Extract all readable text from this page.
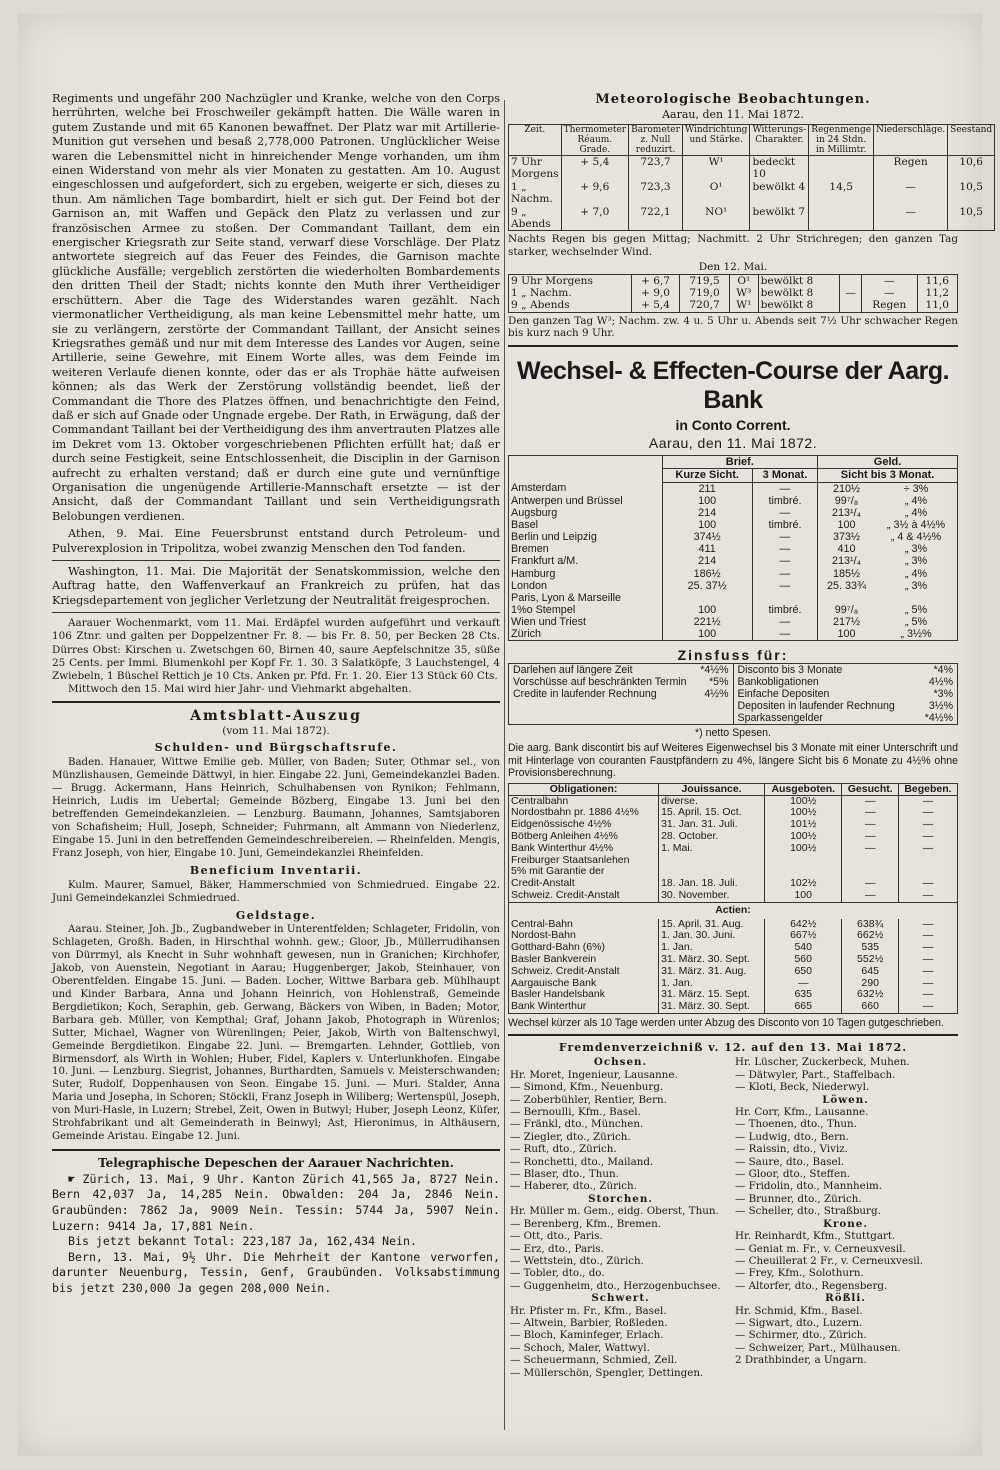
Regiments und ungefähr 200 Nachzügler und Kranke, welche von den Corps herrührten, welche bei Froschweiler gekämpft hatten. Die Wälle waren in gutem Zustande und mit 65 Kanonen bewaffnet. Der Platz war mit Artillerie-Munition gut versehen und besaß 2,778,000 Patronen. Unglücklicher Weise waren die Lebensmittel nicht in hinreichender Menge vorhanden, um ihm einen Widerstand von mehr als vier Monaten zu gestatten. Am 10. August eingeschlossen und aufgefordert, sich zu ergeben, weigerte er sich, dieses zu thun. Am nämlichen Tage bombardirt, hielt er sich gut. Der Feind bot der Garnison an, mit Waffen und Gepäck den Platz zu verlassen und zur französischen Armee zu stoßen. Der Commandant Taillant, dem ein energischer Kriegsrath zur Seite stand, verwarf diese Vorschläge. Der Platz antwortete siegreich auf das Feuer des Feindes, die Garnison machte glückliche Ausfälle; vergeblich zerstörten die wiederholten Bombardements den dritten Theil der Stadt; nichts konnte den Muth ihrer Vertheidiger erschüttern. Aber die Tage des Widerstandes waren gezählt. Nach viermonatlicher Vertheidigung, als man keine Lebensmittel mehr hatte, um sie zu verlängern, zerstörte der Commandant Taillant, der Ansicht seines Kriegsrathes gemäß und nur mit dem Interesse des Landes vor Augen, seine Artillerie, seine Gewehre, mit Einem Worte alles, was dem Feinde im weiteren Verlaufe dienen konnte, oder das er als Trophäe hätte aufweisen können; als das Werk der Zerstörung vollständig beendet, ließ der Commandant die Thore des Platzes öffnen, und benachrichtigte den Feind, daß er sich auf Gnade oder Ungnade ergebe. Der Rath, in Erwägung, daß der Commandant Taillant bei der Vertheidigung des ihm anvertrauten Platzes alle im Dekret vom 13. Oktober vorgeschriebenen Pflichten erfüllt hat; daß er durch seine Festigkeit, seine Entschlossenheit, die Disciplin in der Garnison aufrecht zu erhalten verstand; daß er durch eine gute und vernünftige Organisation die ungenügende Artillerie-Mannschaft ersetzte — ist der Ansicht, daß der Commandant Taillant und sein Vertheidigungsrath Belobungen verdienen.

Athen, 9. Mai. Eine Feuersbrunst entstand durch Petroleum- und Pulverexplosion in Tripolitza, wobei zwanzig Menschen den Tod fanden.

Washington, 11. Mai. Die Majorität der Senatskommission, welche den Auftrag hatte, den Waffenverkauf an Frankreich zu prüfen, hat das Kriegsdepartement von jeglicher Verletzung der Neutralität freigesprochen.

Aarauer Wochenmarkt, vom 11. Mai. Erdäpfel wurden aufgeführt und verkauft 106 Ztnr. und galten per Doppelzentner Fr. 8. — bis Fr. 8. 50, per Becken 28 Cts. Dürres Obst: Kirschen u. Zwetschgen 60, Birnen 40, saure Aepfelschnitze 35, süße 25 Cents. per Immi. Blumenkohl per Kopf Fr. 1. 30. 3 Salatköpfe, 3 Lauchstengel, 4 Zwiebeln, 1 Büschel Rettich je 10 Cts. Anken pr. Pfd. Fr. 1. 20. Eier 13 Stück 60 Cts.

Mittwoch den 15. Mai wird hier Jahr- und Viehmarkt abgehalten.

Amtsblatt-Auszug
(vom 11. Mai 1872).
Schulden- und Bürgschaftsrufe.

Baden. Hanauer, Wittwe Emilie geb. Müller, von Baden; Suter, Othmar sel., von Münzlishausen, Gemeinde Dättwyl, in hier. Eingabe 22. Juni, Gemeindekanzlei Baden. — Brugg. Ackermann, Hans Heinrich, Schulhabensen von Rynikon; Fehlmann, Heinrich, Ludis im Uebertal; Gemeinde Bözberg, Eingabe 13. Juni bei den betreffenden Gemeindekanzleien. — Lenzburg. Baumann, Johannes, Samtsjaboren von Schafisheim; Hull, Joseph, Schneider; Fuhrmann, alt Ammann von Niederlenz, Eingabe 15. Juni in den betreffenden Gemeindeschreibereien. — Rheinfelden. Mengis, Franz Joseph, von hier, Eingabe 10. Juni, Gemeindekanzlei Rheinfelden.

Beneficium Inventarii.

Kulm. Maurer, Samuel, Bäker, Hammerschmied von Schmiedrued. Eingabe 22. Juni Gemeindekanzlei Schmiedrued.

Geldstage.

Aarau. Steiner, Joh. Jb., Zugbandweber in Unterentfelden; Schlageter, Fridolin, von Schlageten, Großh. Baden, in Hirschthal wohnh. gew.; Gloor, Jb., Müllerrudihansen von Dürrmyl, als Knecht in Suhr wohnhaft gewesen, nun in Granichen; Kirchhofer, Jakob, von Auenstein, Negotiant in Aarau; Huggenberger, Jakob, Steinhauer, von Oberentfelden. Eingabe 15. Juni. — Baden. Locher, Wittwe Barbara geb. Mühlhaupt und Kinder Barbara, Anna und Johann Heinrich, von Hohlenstraß, Gemeinde Bergdietikon; Koch, Seraphin, geb. Gerwang, Bäckers von Wiben, in Baden; Motor, Barbara geb. Müller, von Kempthal; Graf, Johann Jakob, Photograph in Würenlos; Sutter, Michael, Wagner von Würenlingen; Peier, Jakob, Wirth von Baltenschwyl, Gemeinde Bergdietikon. Eingabe 22. Juni. — Bremgarten. Lehnder, Gottlieb, von Birmensdorf, als Wirth in Wohlen; Huber, Fidel, Kaplers v. Unterlunkhofen. Eingabe 10. Juni. — Lenzburg. Siegrist, Johannes, Burthardten, Samuels v. Meisterschwanden; Suter, Rudolf, Doppenhausen von Seon. Eingabe 15. Juni. — Muri. Stalder, Anna Maria und Josepha, in Schoren; Stöckli, Franz Joseph in Wiliberg; Wertenspül, Joseph, von Muri-Hasle, in Luzern; Strebel, Zeit, Owen in Butwyl; Huber, Joseph Leonz, Küfer, Strohfabrikant und alt Gemeinderath in Beinwyl; Ast, Hieronimus, in Althäusern, Gemeinde Aristau. Eingabe 12. Juni.

Telegraphische Depeschen der Aarauer Nachrichten.

☛ Zürich, 13. Mai, 9 Uhr. Kanton Zürich 41,565 Ja, 8727 Nein. Bern 42,037 Ja, 14,285 Nein. Obwalden: 204 Ja, 2846 Nein. Graubünden: 7862 Ja, 9009 Nein. Tessin: 5744 Ja, 5907 Nein. Luzern: 9414 Ja, 17,881 Nein.

Bis jetzt bekannt Total: 223,187 Ja, 162,434 Nein.

Bern, 13. Mai, 9½ Uhr. Die Mehrheit der Kantone verworfen, darunter Neuenburg, Tessin, Genf, Graubünden. Volksabstimmung bis jetzt 230,000 Ja gegen 208,000 Nein.

Meteorologische Beobachtungen.
Aarau, den 11. Mai 1872.
Zeit.	Thermometer Réaum. Grade.	Barometer z. Null reduzirt.	Windrichtung und Stärke.	Witterungs-Charakter.	Regenmenge in 24 Stdn. in Millimtr.	Niederschläge.	Seestand
7 Uhr Morgens	+ 5,4	723,7	W¹	bedeckt 10		Regen	10,6
1 „ Nachm.	+ 9,6	723,3	O¹	bewölkt 4	14,5	—	10,5
9 „ Abends	+ 7,0	722,1	NO¹	bewölkt 7		—	10,5

Nachts Regen bis gegen Mittag; Nachmitt. 2 Uhr Strichregen; den ganzen Tag starker, wechselnder Wind.

Den 12. Mai.
9 Uhr Morgens	+ 6,7	719,5	O¹	bewölkt 8		—	11,6
1 „ Nachm.	+ 9,0	719,0	W³	bewölkt 8	—	—	11,2
9 „ Abends	+ 5,4	720,7	W¹	bewölkt 8		Regen	11,0

Den ganzen Tag W³; Nachm. zw. 4 u. 5 Uhr u. Abends seit 7½ Uhr schwacher Regen bis kurz nach 9 Uhr.

Wechsel- & Effecten-Course der Aarg. Bank
in Conto Corrent.
Aarau, den 11. Mai 1872.
	Brief.		Geld.	
	Kurze Sicht.	3 Monat.	Sicht bis 3 Monat.	
Amsterdam	211	—	210½	÷ 3%
Antwerpen und Brüssel	100	timbré.	99⁷/₈	„ 4%
Augsburg	214	—	213¹/₄	„ 4%
Basel	100	timbré.	100	„ 3½ à 4½%
Berlin und Leipzig	374½	—	373½	„ 4 & 4½%
Bremen	411	—	410	„ 3%
Frankfurt a/M.	214	—	213¹/₄	„ 3%
Hamburg	186½	—	185½	„ 4%
London	25. 37½	—	25. 33¾	„ 3%
Paris, Lyon & Marseille				
1%o Stempel	100	timbré.	99⁷/₈	„ 5%
Wien und Triest	221½	—	217½	„ 5%
Zürich	100	—	100	„ 3½%
Zinsfuss für:
Darlehen auf längere Zeit	*4½%
Vorschüsse auf beschränkten Termin	*5%
Credite in laufender Rechnung	4½%

Disconto bis 3 Monate	*4%
Bankobligationen	4½%
Einfache Depositen	*3%
Depositen in laufender Rechnung	3½%
Sparkassengelder	*4½%
*) netto Spesen.
Die aarg. Bank discontirt bis auf Weiteres Eigenwechsel bis 3 Monate mit einer Unterschrift und mit Hinterlage von couranten Faustpfändern zu 4%, längere Sicht bis 6 Monate zu 4½% ohne Provisionsberechnung.
Obligationen:	Jouissance.	Ausgeboten.	Gesucht.	Begeben.
Centralbahn	diverse.	100½	—	—
Nordostbahn pr. 1886 4½%	15. April. 15. Oct.	100½	—	—
Eidgenössische 4½%	31. Jan. 31. Juli.	101½	—	—
Bötberg Anleihen 4½%	28. October.	100½	—	—
Bank Winterthur 4½%	1. Mai.	100½	—	—
Freiburger Staatsanlehen				
5% mit Garantie der				
Credit-Anstalt	18. Jan. 18. Juli.	102½	—	—
Schweiz. Credit-Anstalt	30. November.	100	—	—
Actien:				
Central-Bahn	15. April. 31. Aug.	642½	638¾	—
Nordost-Bahn	1. Jan. 30. Juni.	667½	662½	—
Gotthard-Bahn (6%)	1. Jan.	540	535	—
Basler Bankverein	31. März. 30. Sept.	560	552½	—
Schweiz. Credit-Anstalt	31. März. 31. Aug.	650	645	—
Aargauische Bank	1. Jan.	—	290	—
Basler Handelsbank	31. März. 15. Sept.	635	632½	—
Bank Winterthur	31. März. 30. Sept.	665	660	—
Wechsel kürzer als 10 Tage werden unter Abzug des Disconto von 10 Tagen gutgeschrieben.
Fremdenverzeichniß v. 12. auf den 13. Mai 1872.
Ochsen.
Hr. Moret, Ingenieur, Lausanne.
— Simond, Kfm., Neuenburg.
— Zoberbühler, Rentier, Bern.
— Bernoulli, Kfm., Basel.
— Fränkl, dto., München.
— Ziegler, dto., Zürich.
— Ruft, dto., Zürich.
— Ronchetti, dto., Mailand.
— Blaser, dto., Thun.
— Haberer, dto., Zürich.
Storchen.
Hr. Müller m. Gem., eidg. Oberst, Thun.
— Berenberg, Kfm., Bremen.
— Ott, dto., Paris.
— Erz, dto., Paris.
— Wettstein, dto., Zürich.
— Tobler, dto., do.
— Guggenheim, dto., Herzogenbuchsee.
Schwert.
Hr. Pfister m. Fr., Kfm., Basel.
— Altwein, Barbier, Roßleden.
— Bloch, Kaminfeger, Erlach.
— Schoch, Maler, Wattwyl.
— Scheuermann, Schmied, Zell.
— Müllerschön, Spengler, Dettingen.

Hr. Lüscher, Zuckerbeck, Muhen.
— Dätwyler, Part., Staffelbach.
— Kloti, Beck, Niederwyl.
Löwen.
Hr. Corr, Kfm., Lausanne.
— Thoenen, dto., Thun.
— Ludwig, dto., Bern.
— Raissin, dto., Viviz.
— Saure, dto., Basel.
— Gloor, dto., Steffen.
— Fridolin, dto., Mannheim.
— Brunner, dto., Zürich.
— Scheller, dto., Straßburg.
Krone.
Hr. Reinhardt, Kfm., Stuttgart.
— Geniat m. Fr., v. Cerneuxvesil.
— Cheuillerat 2 Fr., v. Cerneuxvesil.
— Frey, Kfm., Solothurn.
— Altorfer, dto., Regensberg.
Rößli.
Hr. Schmid, Kfm., Basel.
— Sigwart, dto., Luzern.
— Schirmer, dto., Zürich.
— Schweizer, Part., Mülhausen.
2 Drathbinder, a Ungarn.
